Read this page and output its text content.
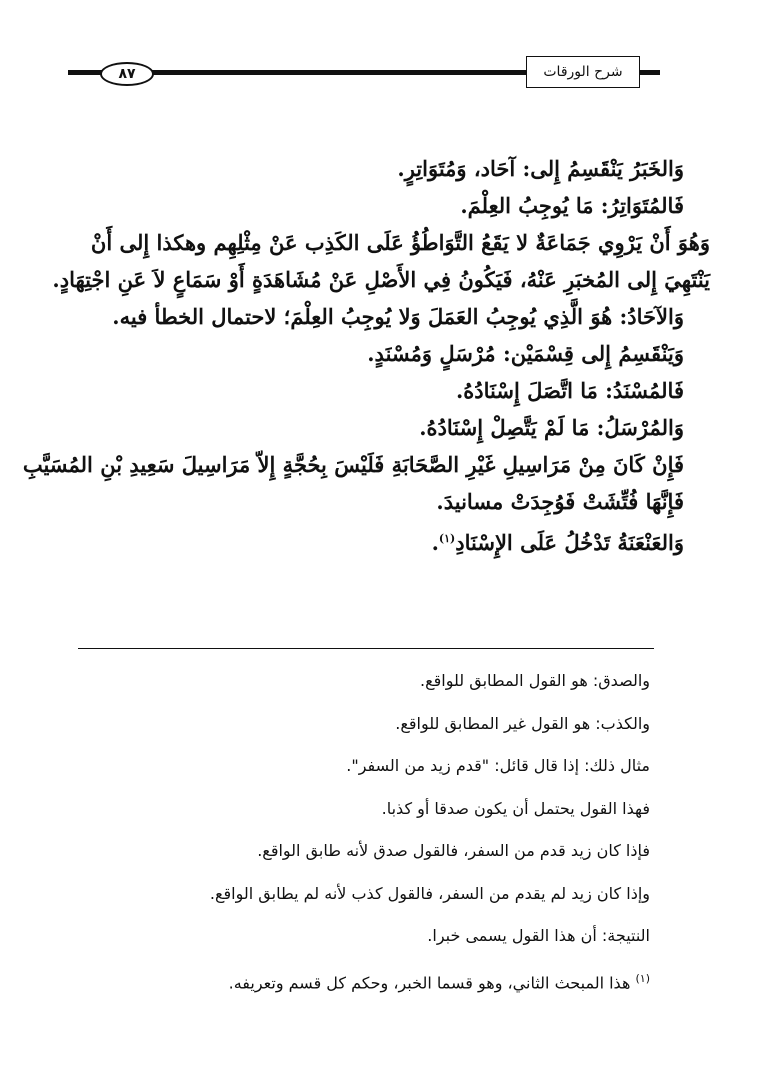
٨٧	شرح الورقات

وَالخَبَرُ يَنْقَسِمُ إِلى: آحَاد، وَمُتَوَاتِرٍ.

فَالمُتَوَاتِرُ: مَا يُوجِبُ العِلْمَ.

وَهُوَ أَنْ يَرْوِي جَمَاعَةٌ لا يَقَعُ التَّوَاطُؤُ عَلَى الكَذِب عَنْ مِثْلِهِم وهكذا إِلى أَنْ

يَنْتَهِيَ إِلى المُخبَرِ عَنْهُ، فَيَكُونُ فِي الأَصْلِ عَنْ مُشَاهَدَةٍ أَوْ سَمَاعٍ لاَ عَنِ اجْتِهَادٍ.

وَالآحَادُ: هُوَ الَّذِي يُوجِبُ العَمَلَ وَلا يُوجِبُ العِلْمَ؛ لاحتمال الخطأ فيه.

وَيَنْقَسِمُ إِلى قِسْمَيْن: مُرْسَلٍ وَمُسْنَدٍ.

فَالمُسْنَدُ: مَا اتَّصَلَ إِسْنَادُهُ.

وَالمُرْسَلُ: مَا لَمْ يَتَّصِلْ إِسْنَادُهُ.

فَإِنْ كَانَ مِنْ مَرَاسِيلِ غَيْرِ الصَّحَابَةِ فَلَيْسَ بِحُجَّةٍ إِلاّ مَرَاسِيلَ سَعِيدِ بْنِ المُسَيَّبِ

فَإِنَّهَا فُتِّشَتْ فَوُجِدَتْ مسانيدَ.

وَالعَنْعَنَةُ تَدْخُلُ عَلَى الإِسْنَادِ$^{(١)}$.

والصدق: هو القول المطابق للواقع.

والكذب: هو القول غير المطابق للواقع.

مثال ذلك: إذا قال قائل: "قدم زيد من السفر".

فهذا القول يحتمل أن يكون صدقا أو كذبا.

فإذا كان زيد قدم من السفر، فالقول صدق لأنه طابق الواقع.

وإذا كان زيد لم يقدم من السفر، فالقول كذب لأنه لم يطابق الواقع.

النتيجة: أن هذا القول يسمى خبرا.

$^{(١)}$ هذا المبحث الثاني، وهو قسما الخبر، وحكم كل قسم وتعريفه.
